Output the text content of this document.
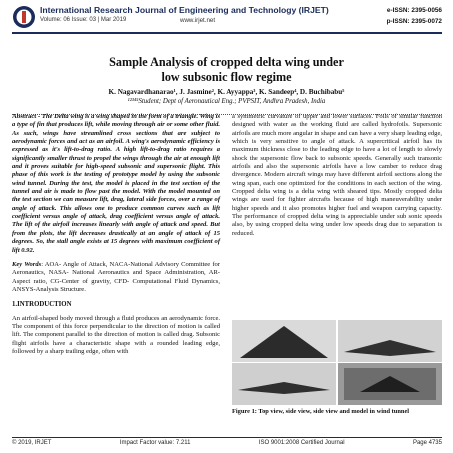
International Research Journal of Engineering and Technology (IRJET)
Volume: 06 Issue: 03 | Mar 2019	www.irjet.net
e-ISSN: 2395-0056
p-ISSN: 2395-0072
Sample Analysis of cropped delta wing under
low subsonic flow regime
K. Nagavardhanarao¹, J. Jasmine², K. Ayyappa³, K. Sandeep⁴, D. Buchibabu⁵
¹²³⁴⁵Student; Dept of Aeronautical Eng.; PVPSIT, Andhra Pradesh, India

Abstract - The Delta wing is a wing shaped in the form of a triangle. Wing is a type of fin that produces lift, while moving through air or some other fluid. As such, wings have streamlined cross sections that are subject to aerodynamic forces and act as an airfoil. A wing's aerodynamic efficiency is expressed as it's lift-to-drag ratio. A high lift-to-drag ratio requires a significantly smaller thrust to propel the wings through the air at enough lift and it proves suitable for high-speed subsonic and supersonic flight. This phase of this work is the testing of prototype model by using the subsonic wind tunnel. During the test, the model is placed in the test section of the tunnel and air is made to flow past the model. With the model mounted on the test section we can measure lift, drag, lateral side forces, over a range of angle of attack. This allows one to produce common curves such as lift coefficient versus angle of attack, drag coefficient versus angle of attack. The lift of the airfoil increases linearly with angle of attack and speed. But from the plots, the lift decreases drastically at an angle of attack of 15 degrees. So, the stall angle exists at 15 degrees with maximum coefficient of lift 0.92.

Key Words: AOA- Angle of Attack, NACA-National Advisory Committee for Aeronautics, NASA- National Aeronautics and Space Administration, AR-Aspect ratio, CG-Center of gravity, CFD- Computational Fluid Dynamics, ANSYS-Analysis Structure.

1.INTRODUCTION

An airfoil-shaped body moved through a fluid produces an aerodynamic force. The component of this force perpendicular to the direction of motion is called lift. The component parallel to the direction of motion is called drag. Subsonic flight airfoils have a characteristic shape with a rounded leading edge, followed by a sharp trailing edge, often with

a symmetric curvature of upper and lower surfaces. Foils of similar function designed with water as the working fluid are called hydrofoils. Supersonic airfoils are much more angular in shape and can have a very sharp leading edge, which is very sensitive to angle of attack. A supercritical airfoil has its maximum thickness close to the leading edge to have a lot of length to slowly shock the supersonic flow back to subsonic speeds. Generally such transonic airfoils and also the supersonic airfoils have a low camber to reduce drag divergence. Modern aircraft wings may have different airfoil sections along the wing span, each one optimized for the conditions in each section of the wing. Cropped delta wing is a delta wing with sheared tips. Mostly cropped delta wings are used for fighter aircrafts because of high maneuverability under higher speeds and it also promotes higher fuel and weapon carrying capacity. The performance of cropped delta wing is appreciable under sub sonic speeds also, by using cropped delta wing under low speeds drag due to separation is reduced.

Figure 1: Top view, side view, side view and model in wind tunnel
© 2019, IRJET	Impact Factor value: 7.211	ISO 9001:2008 Certified Journal	Page 4735
